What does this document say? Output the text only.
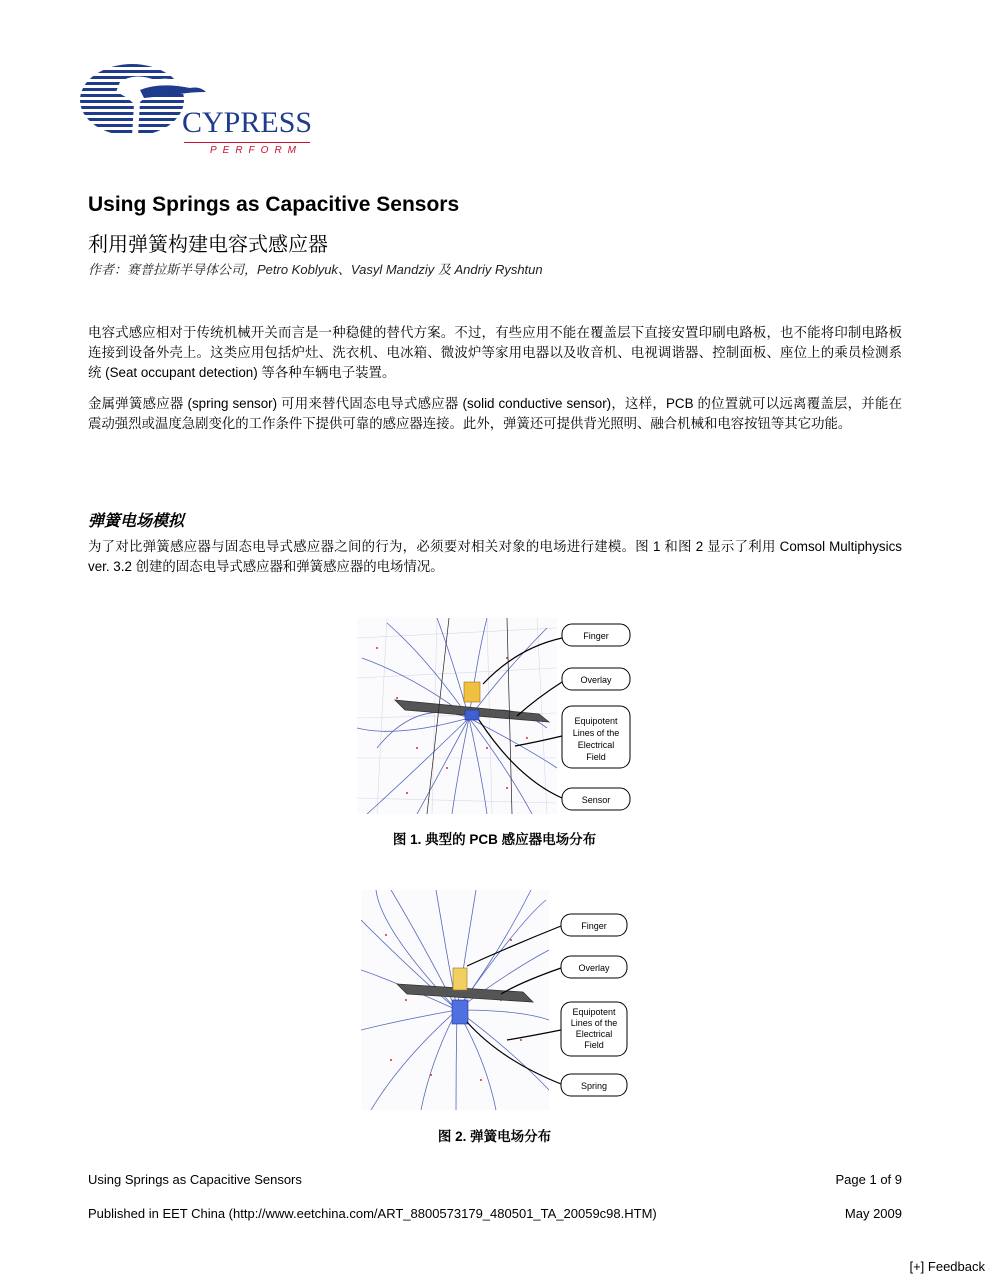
CYPRESS
PERFORM
Using Springs as Capacitive Sensors
利用弹簧构建电容式感应器
作者：赛普拉斯半导体公司，Petro Koblyuk、Vasyl Mandziy 及 Andriy Ryshtun
电容式感应相对于传统机械开关而言是一种稳健的替代方案。不过，有些应用不能在覆盖层下直接安置印刷电路板，也不能将印制电路板连接到设备外壳上。这类应用包括炉灶、洗衣机、电冰箱、微波炉等家用电器以及收音机、电视调谐器、控制面板、座位上的乘员检测系统 (Seat occupant detection) 等各种车辆电子装置。
金属弹簧感应器 (spring sensor) 可用来替代固态电导式感应器 (solid conductive sensor)，这样，PCB 的位置就可以远离覆盖层，并能在震动强烈或温度急剧变化的工作条件下提供可靠的感应器连接。此外，弹簧还可提供背光照明、融合机械和电容按钮等其它功能。
弹簧电场模拟
为了对比弹簧感应器与固态电导式感应器之间的行为，必须要对相关对象的电场进行建模。图 1 和图 2 显示了利用 Comsol Multiphysics ver. 3.2 创建的固态电导式感应器和弹簧感应器的电场情况。
Finger
Overlay
Equipotent
Lines of the
Electrical
Field
Sensor
图 1. 典型的 PCB 感应器电场分布
Finger
Overlay
Equipotent
Lines of the
Electrical
Field
Spring
图 2. 弹簧电场分布
Using Springs as Capacitive Sensors	Page 1 of 9
Published in EET China (http://www.eetchina.com/ART_8800573179_480501_TA_20059c98.HTM)	May 2009
[+] Feedback
